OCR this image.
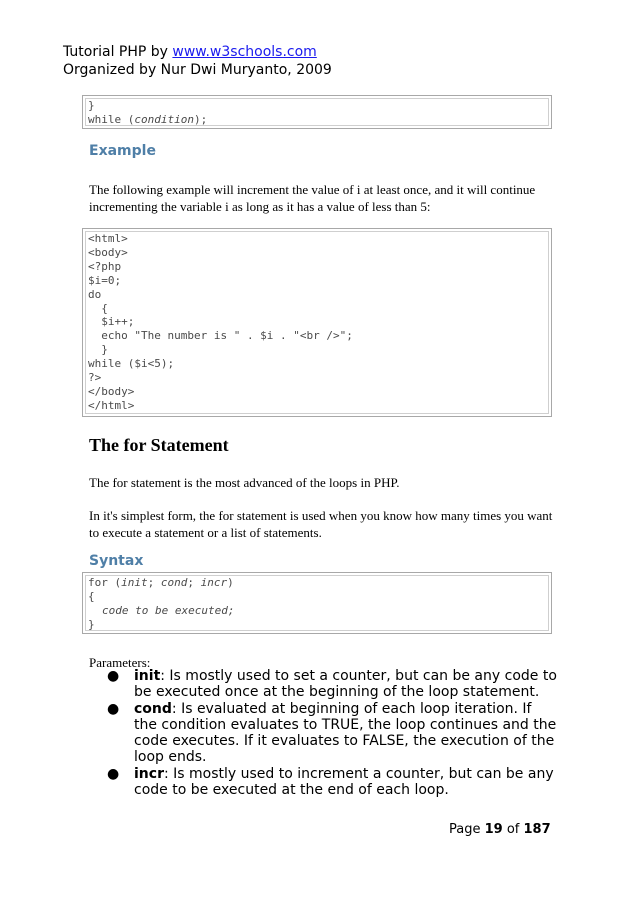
Tutorial PHP by www.w3schools.com
Organized by Nur Dwi Muryanto, 2009
}
while (condition);
Example
The following example will increment the value of i at least once, and it will continue incrementing the variable i as long as it has a value of less than 5:
<html>
<body>
<?php
$i=0;
do
{
$i++;
echo "The number is " . $i . "<br />";
}
while ($i<5);
?>
</body>
</html>
The for Statement
The for statement is the most advanced of the loops in PHP.
In it's simplest form, the for statement is used when you know how many times you want to execute a statement or a list of statements.
Syntax
for (init; cond; incr)
{
code to be executed;
}
Parameters:
● init: Is mostly used to set a counter, but can be any code to be executed once at the beginning of the loop statement.
● cond: Is evaluated at beginning of each loop iteration. If the condition evaluates to TRUE, the loop continues and the code executes. If it evaluates to FALSE, the execution of the loop ends.
● incr: Is mostly used to increment a counter, but can be any code to be executed at the end of each loop.
Page 19 of 187
